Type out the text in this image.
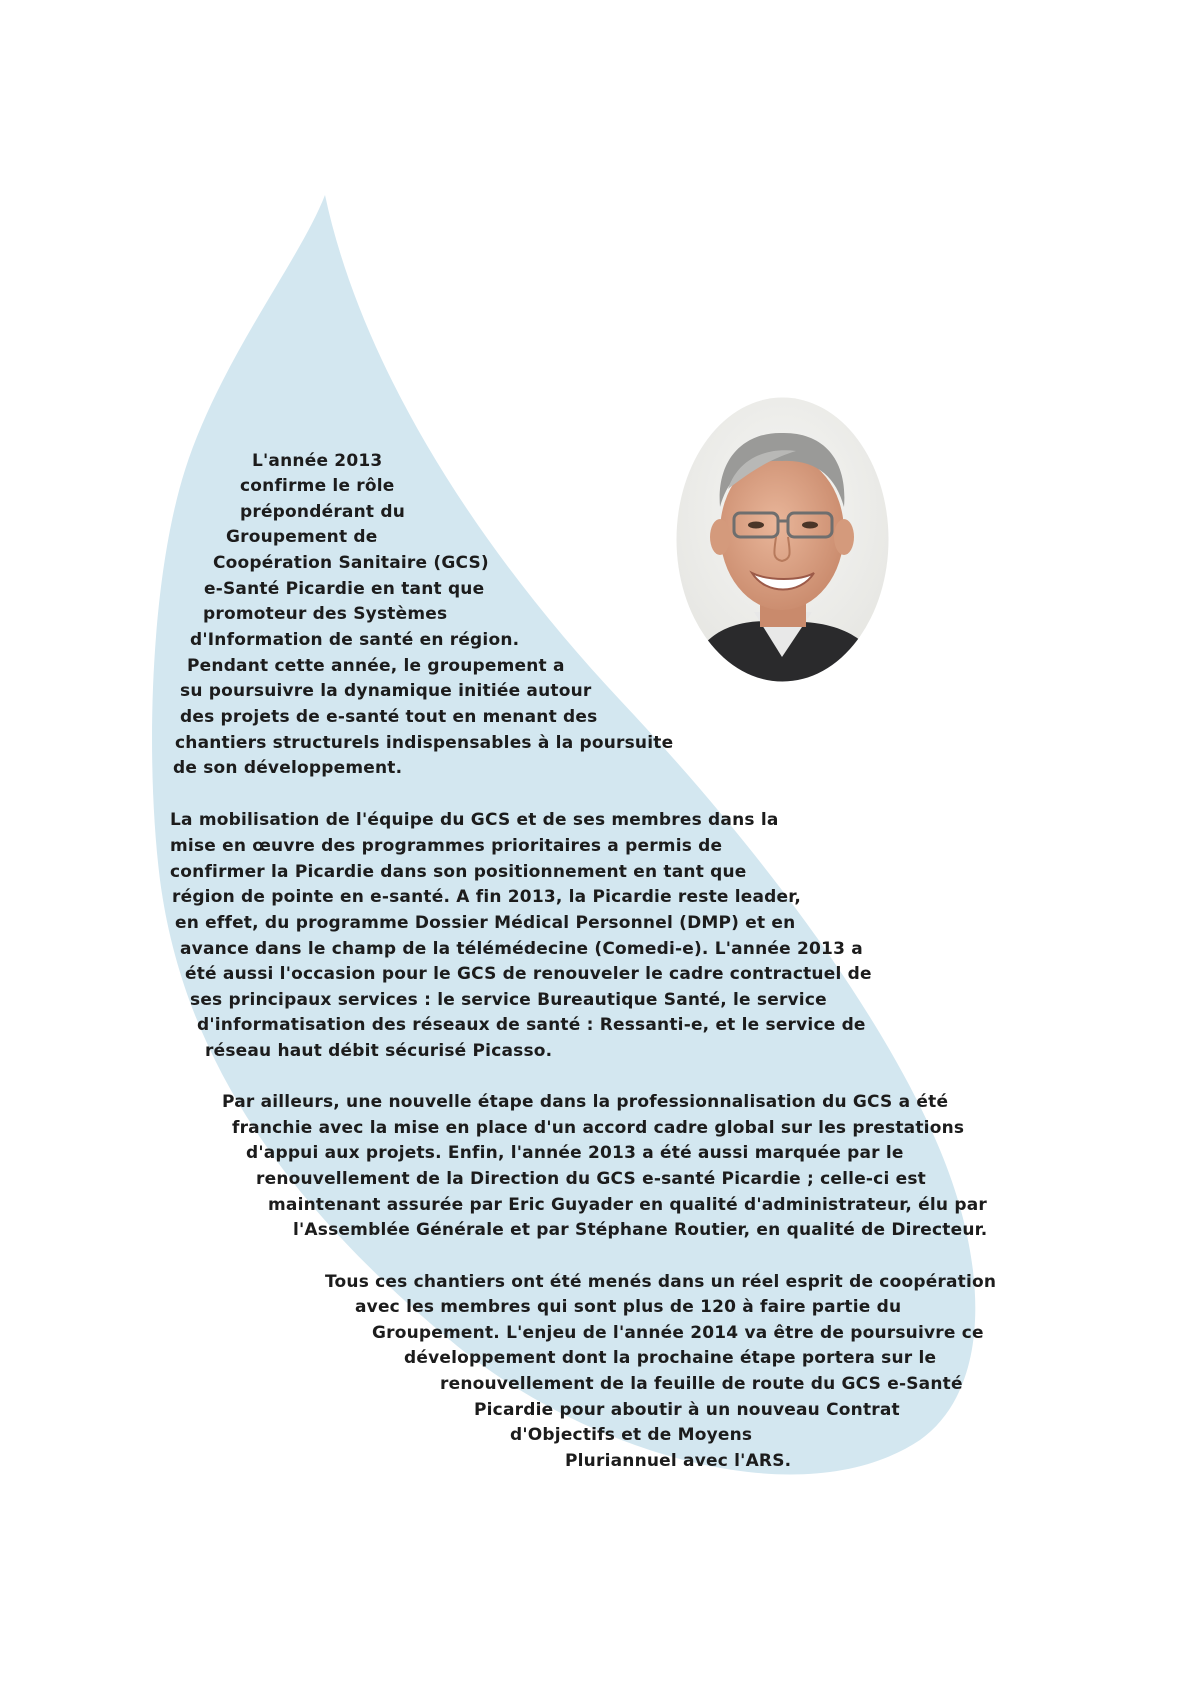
L'année 2013
confirme le rôle
prépondérant du
Groupement de
Coopération Sanitaire (GCS)
e-Santé Picardie en tant que
promoteur des Systèmes
d'Information de santé en région.
Pendant cette année, le groupement a
su poursuivre la dynamique initiée autour
des projets de e-santé tout en menant des
chantiers structurels indispensables à la poursuite
de son développement.
La mobilisation de l'équipe du GCS et de ses membres dans la
mise en œuvre des programmes prioritaires a permis de
confirmer la Picardie dans son positionnement en tant que
région de pointe en e-santé. A fin 2013, la Picardie reste leader,
en effet, du programme Dossier Médical Personnel (DMP) et en
avance dans le champ de la télémédecine (Comedi-e). L'année 2013 a
été aussi l'occasion pour le GCS de renouveler le cadre contractuel de
ses principaux services : le service Bureautique Santé, le service
d'informatisation des réseaux de santé : Ressanti-e, et le service de
réseau haut débit sécurisé Picasso.
Par ailleurs, une nouvelle étape dans la professionnalisation du GCS a été
franchie avec la mise en place d'un accord cadre global sur les prestations
d'appui aux projets. Enfin, l'année 2013 a été aussi marquée par le
renouvellement de la Direction du GCS e-santé Picardie ; celle-ci est
maintenant assurée par Eric Guyader en qualité d'administrateur, élu par
l'Assemblée Générale et par Stéphane Routier, en qualité de Directeur.
Tous ces chantiers ont été menés dans un réel esprit de coopération
avec les membres qui sont plus de 120 à faire partie du
Groupement. L'enjeu de l'année 2014 va être de poursuivre ce
développement dont la prochaine étape portera sur le
renouvellement de la feuille de route du GCS e-Santé
Picardie pour aboutir à un nouveau Contrat
d'Objectifs et de Moyens
Pluriannuel avec l'ARS.
